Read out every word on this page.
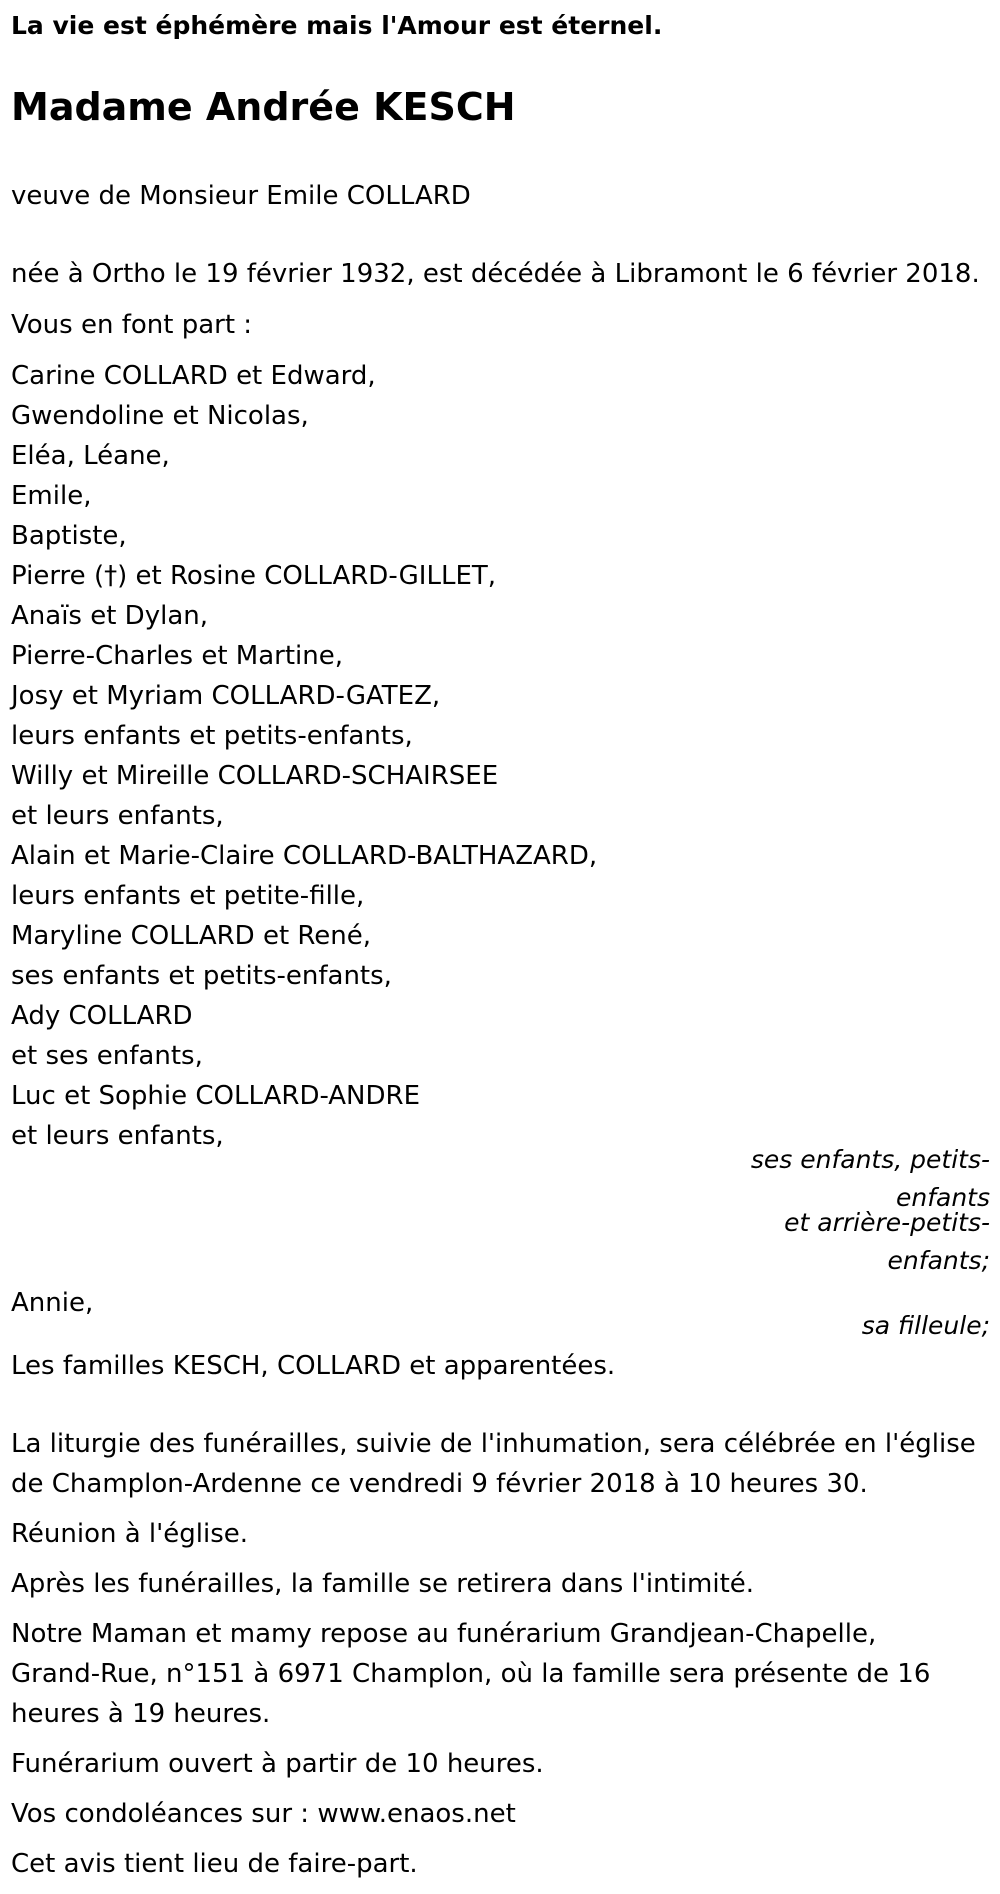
La vie est éphémère mais l'Amour est éternel.
Madame Andrée KESCH
veuve de Monsieur Emile COLLARD
née à Ortho le 19 février 1932, est décédée à Libramont le 6 février 2018.
Vous en font part :
Carine COLLARD et Edward,
Gwendoline et Nicolas,
Eléa, Léane,
Emile,
Baptiste,
Pierre (†) et Rosine COLLARD-GILLET,
Anaïs et Dylan,
Pierre-Charles et Martine,
Josy et Myriam COLLARD-GATEZ,
leurs enfants et petits-enfants,
Willy et Mireille COLLARD-SCHAIRSEE
et leurs enfants,
Alain et Marie-Claire COLLARD-BALTHAZARD,
leurs enfants et petite-fille,
Maryline COLLARD et René,
ses enfants et petits-enfants,
Ady COLLARD
et ses enfants,
Luc et Sophie COLLARD-ANDRE
et leurs enfants,
ses enfants, petits-
enfants
et arrière-petits-
enfants;
Annie,
sa filleule;
Les familles KESCH, COLLARD et apparentées.
La liturgie des funérailles, suivie de l'inhumation, sera célébrée en l'église
de Champlon-Ardenne ce vendredi 9 février 2018 à 10 heures 30.
Réunion à l'église.
Après les funérailles, la famille se retirera dans l'intimité.
Notre Maman et mamy repose au funérarium Grandjean-Chapelle,
Grand-Rue, n°151 à 6971 Champlon, où la famille sera présente de 16
heures à 19 heures.
Funérarium ouvert à partir de 10 heures.
Vos condoléances sur : www.enaos.net
Cet avis tient lieu de faire-part.
